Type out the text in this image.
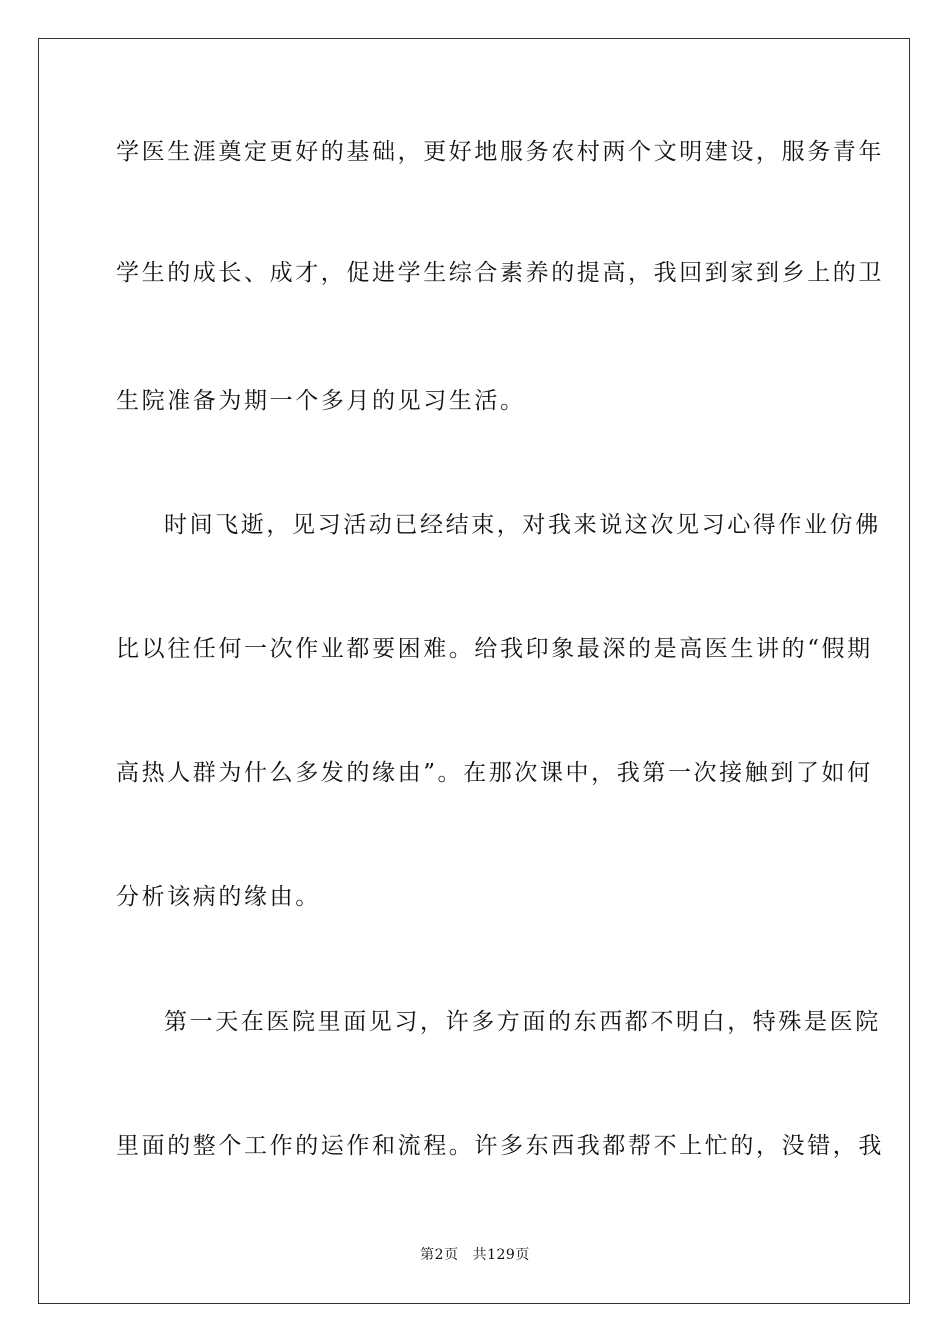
学医生涯奠定更好的基础，更好地服务农村两个文明建设，服务青年
学生的成长、成才，促进学生综合素养的提高，我回到家到乡上的卫
生院准备为期一个多月的见习生活。
时间飞逝，见习活动已经结束，对我来说这次见习心得作业仿佛
比以往任何一次作业都要困难。给我印象最深的是高医生讲的“假期
高热人群为什么多发的缘由”。在那次课中，我第一次接触到了如何
分析该病的缘由。
第一天在医院里面见习，许多方面的东西都不明白，特殊是医院
里面的整个工作的运作和流程。许多东西我都帮不上忙的，没错，我
第2页 共129页
